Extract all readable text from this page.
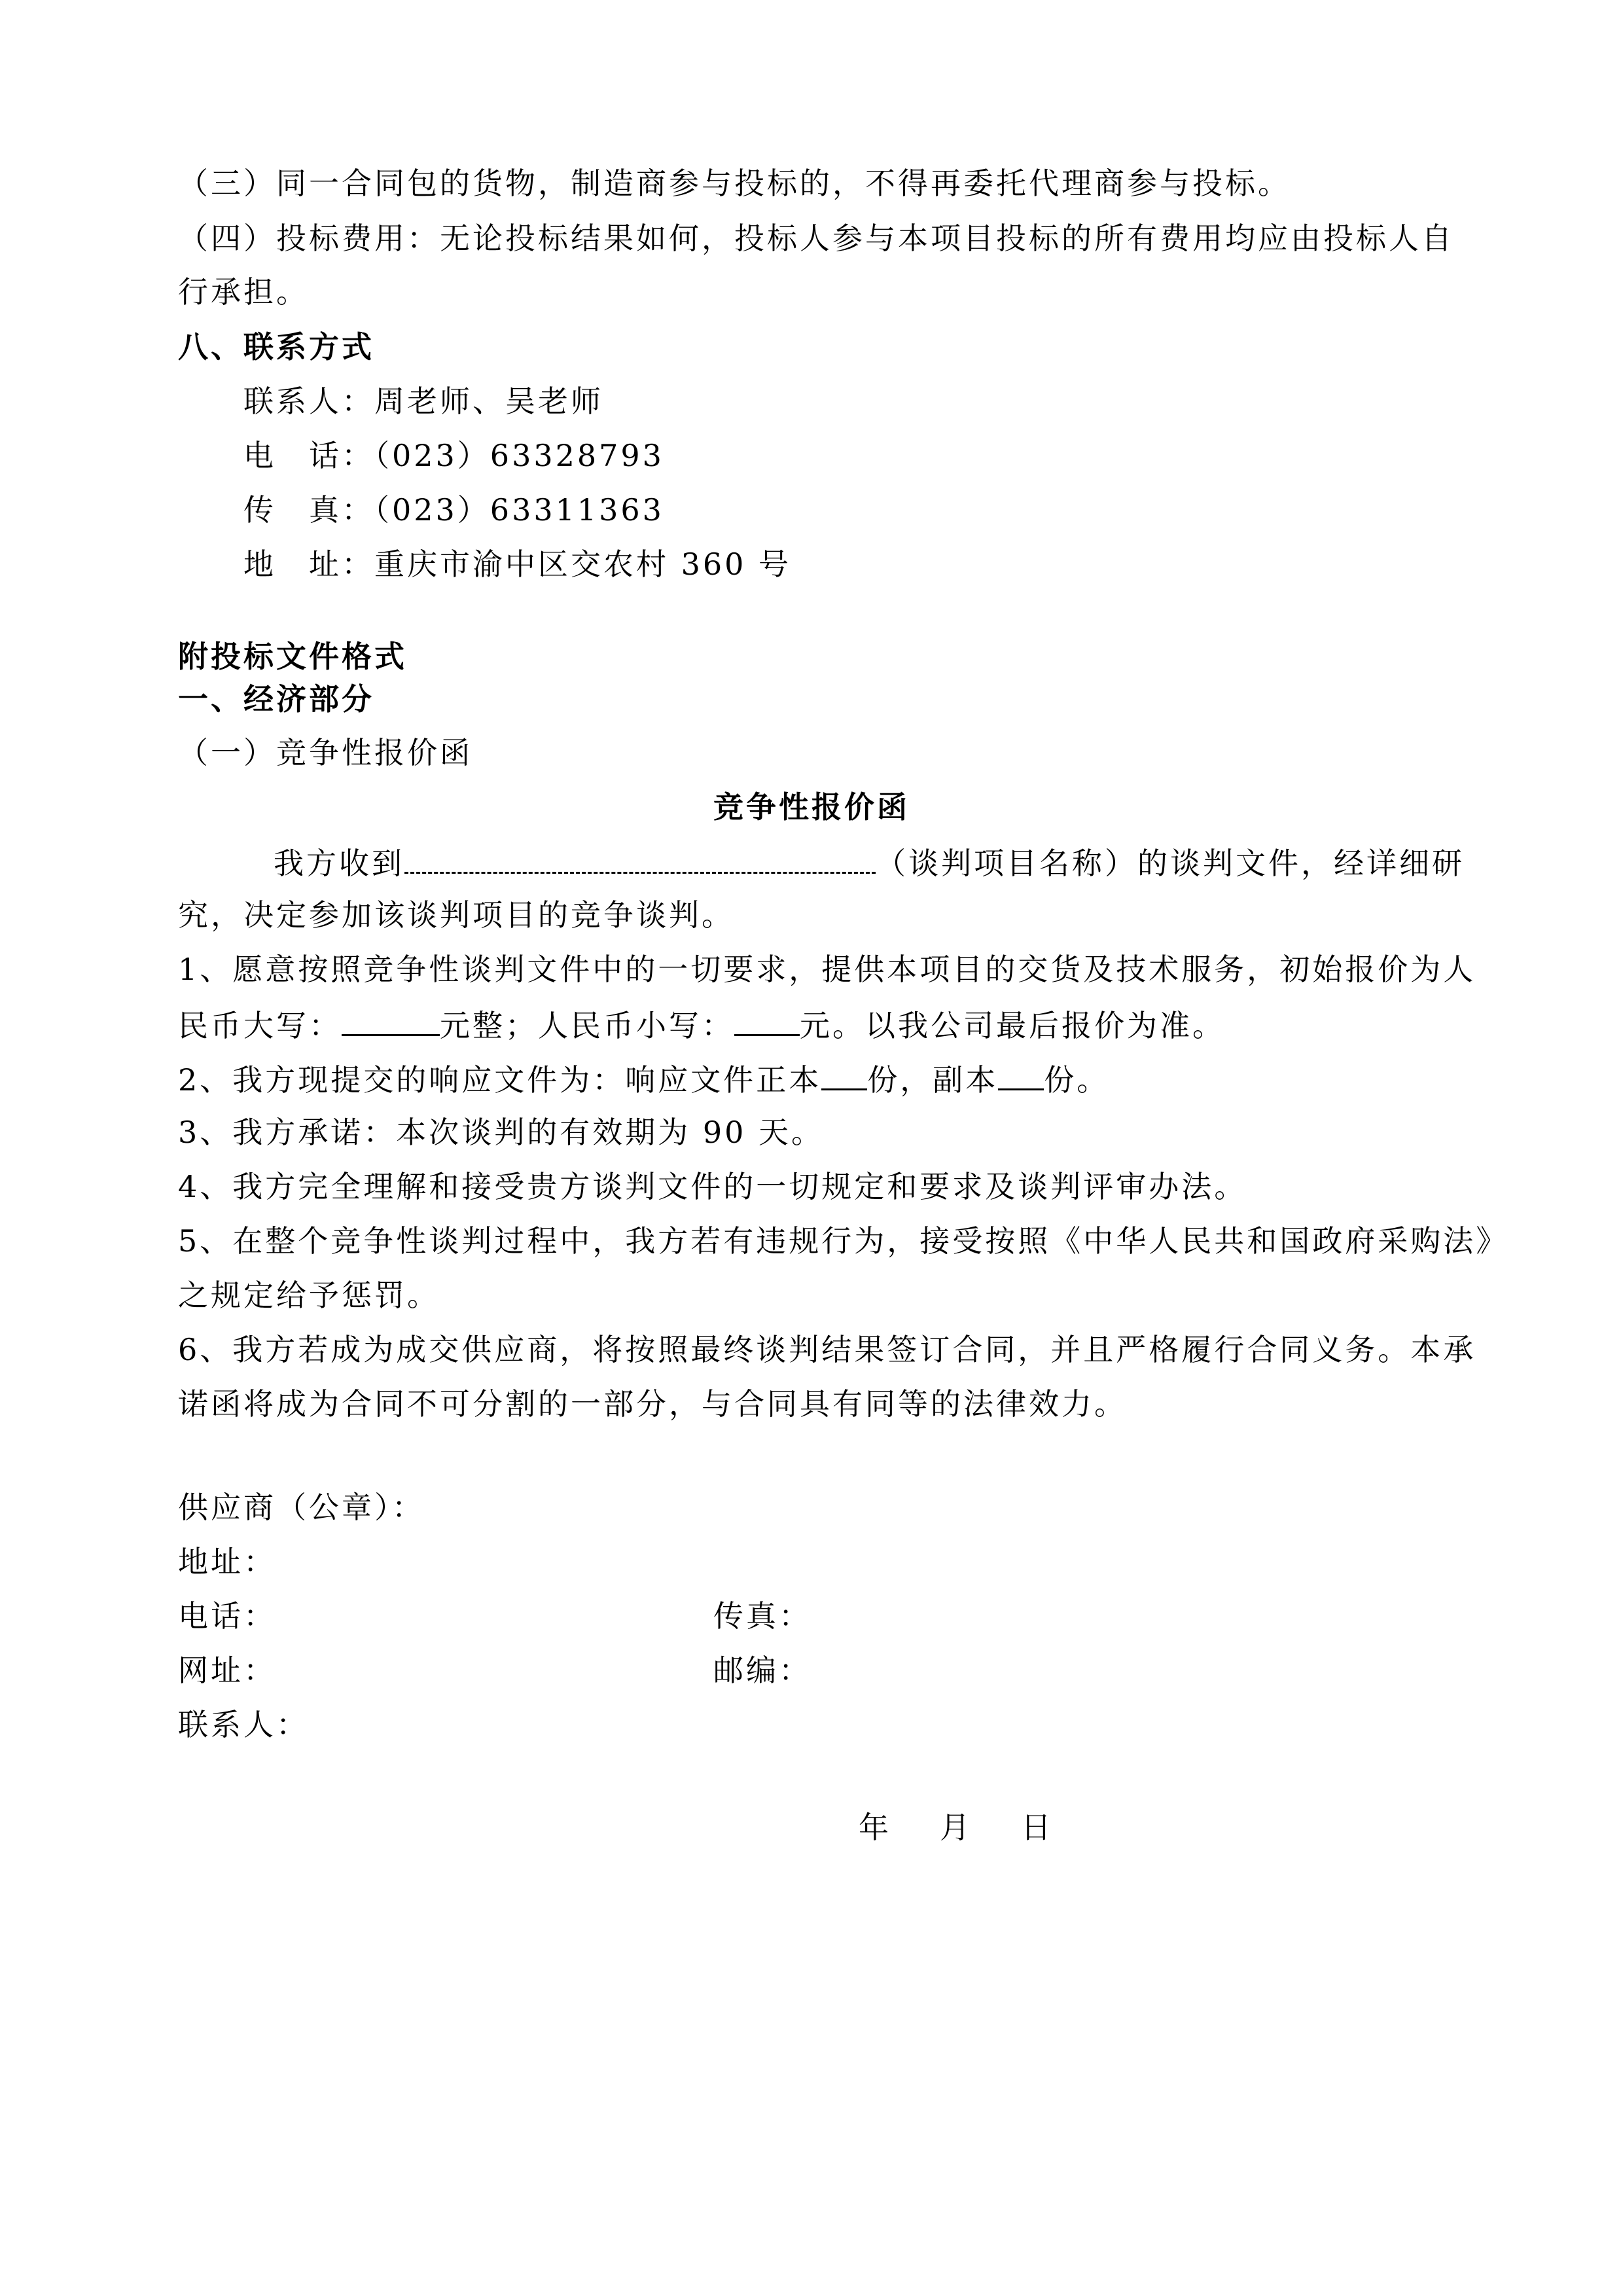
（三）同一合同包的货物，制造商参与投标的，不得再委托代理商参与投标。
（四）投标费用：无论投标结果如何，投标人参与本项目投标的所有费用均应由投标人自
行承担。
八、联系方式
联系人：周老师、吴老师
电　话：（023）63328793
传　真：（023）63311363
地　址：重庆市渝中区交农村 360 号
附投标文件格式
一、经济部分
（一）竞争性报价函
竞争性报价函
我方收到	（谈判项目名称）的谈判文件，经详细研
究，决定参加该谈判项目的竞争谈判。
1、愿意按照竞争性谈判文件中的一切要求，提供本项目的交货及技术服务，初始报价为人
民币大写：	元整；人民币小写： 元。以我公司最后报价为准。
2、我方现提交的响应文件为：响应文件正本 份，副本 份。
3、我方承诺：本次谈判的有效期为 90 天。
4、我方完全理解和接受贵方谈判文件的一切规定和要求及谈判评审办法。
5、在整个竞争性谈判过程中，我方若有违规行为，接受按照《中华人民共和国政府采购法》
之规定给予惩罚。
6、我方若成为成交供应商，将按照最终谈判结果签订合同，并且严格履行合同义务。本承
诺函将成为合同不可分割的一部分，与合同具有同等的法律效力。
供应商（公章）：
地址：
电话：	传真：
网址：	邮编：
联系人：
年 月 日
